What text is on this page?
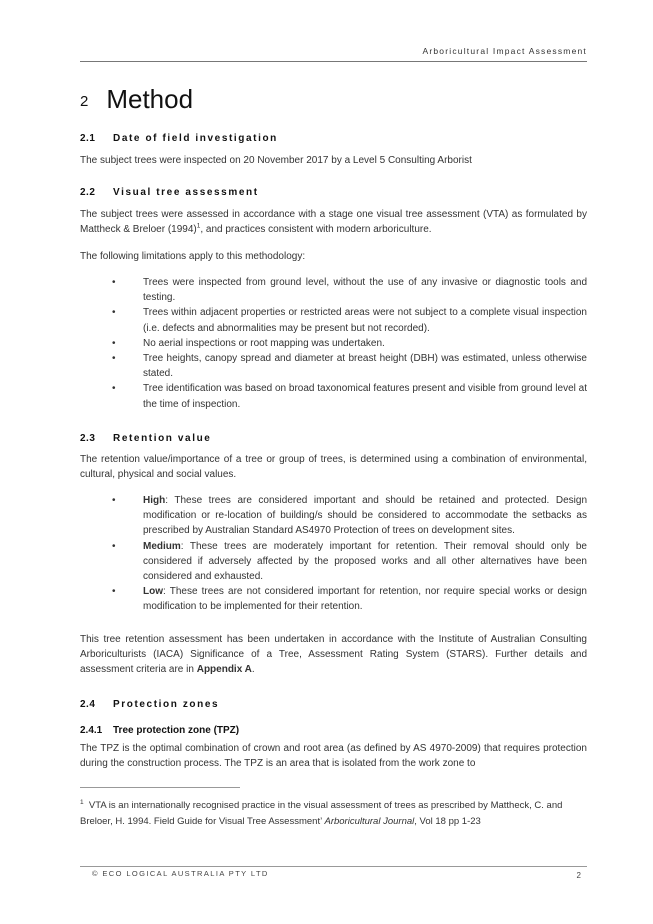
Arboricultural Impact Assessment
2 Method
2.1 Date of field investigation
The subject trees were inspected on 20 November 2017 by a Level 5 Consulting Arborist
2.2 Visual tree assessment
The subject trees were assessed in accordance with a stage one visual tree assessment (VTA) as formulated by Mattheck & Breloer $(1994)^1$, and practices consistent with modern arboriculture.
The following limitations apply to this methodology:
•	Trees were inspected from ground level, without the use of any invasive or diagnostic tools and testing.
•	Trees within adjacent properties or restricted areas were not subject to a complete visual inspection (i.e. defects and abnormalities may be present but not recorded).
•	No aerial inspections or root mapping was undertaken.
•	Tree heights, canopy spread and diameter at breast height (DBH) was estimated, unless otherwise stated.
•	Tree identification was based on broad taxonomical features present and visible from ground level at the time of inspection.
2.3 Retention value
The retention value/importance of a tree or group of trees, is determined using a combination of environmental, cultural, physical and social values.
•	High: These trees are considered important and should be retained and protected. Design modification or re-location of building/s should be considered to accommodate the setbacks as prescribed by Australian Standard AS4970 Protection of trees on development sites.
•	Medium: These trees are moderately important for retention. Their removal should only be considered if adversely affected by the proposed works and all other alternatives have been considered and exhausted.
•	Low: These trees are not considered important for retention, nor require special works or design modification to be implemented for their retention.
This tree retention assessment has been undertaken in accordance with the Institute of Australian Consulting Arboriculturists (IACA) Significance of a Tree, Assessment Rating System (STARS). Further details and assessment criteria are in Appendix A.
2.4 Protection zones
2.4.1 Tree protection zone (TPZ)
The TPZ is the optimal combination of crown and root area (as defined by AS 4970-2009) that requires protection during the construction process. The TPZ is an area that is isolated from the work zone to
$^1$ VTA is an internationally recognised practice in the visual assessment of trees as prescribed by Mattheck, C. and Breloer, H. 1994. Field Guide for Visual Tree Assessment’ Arboricultural Journal, Vol 18 pp 1-23
© ECO LOGICAL AUSTRALIA PTY LTD	2
